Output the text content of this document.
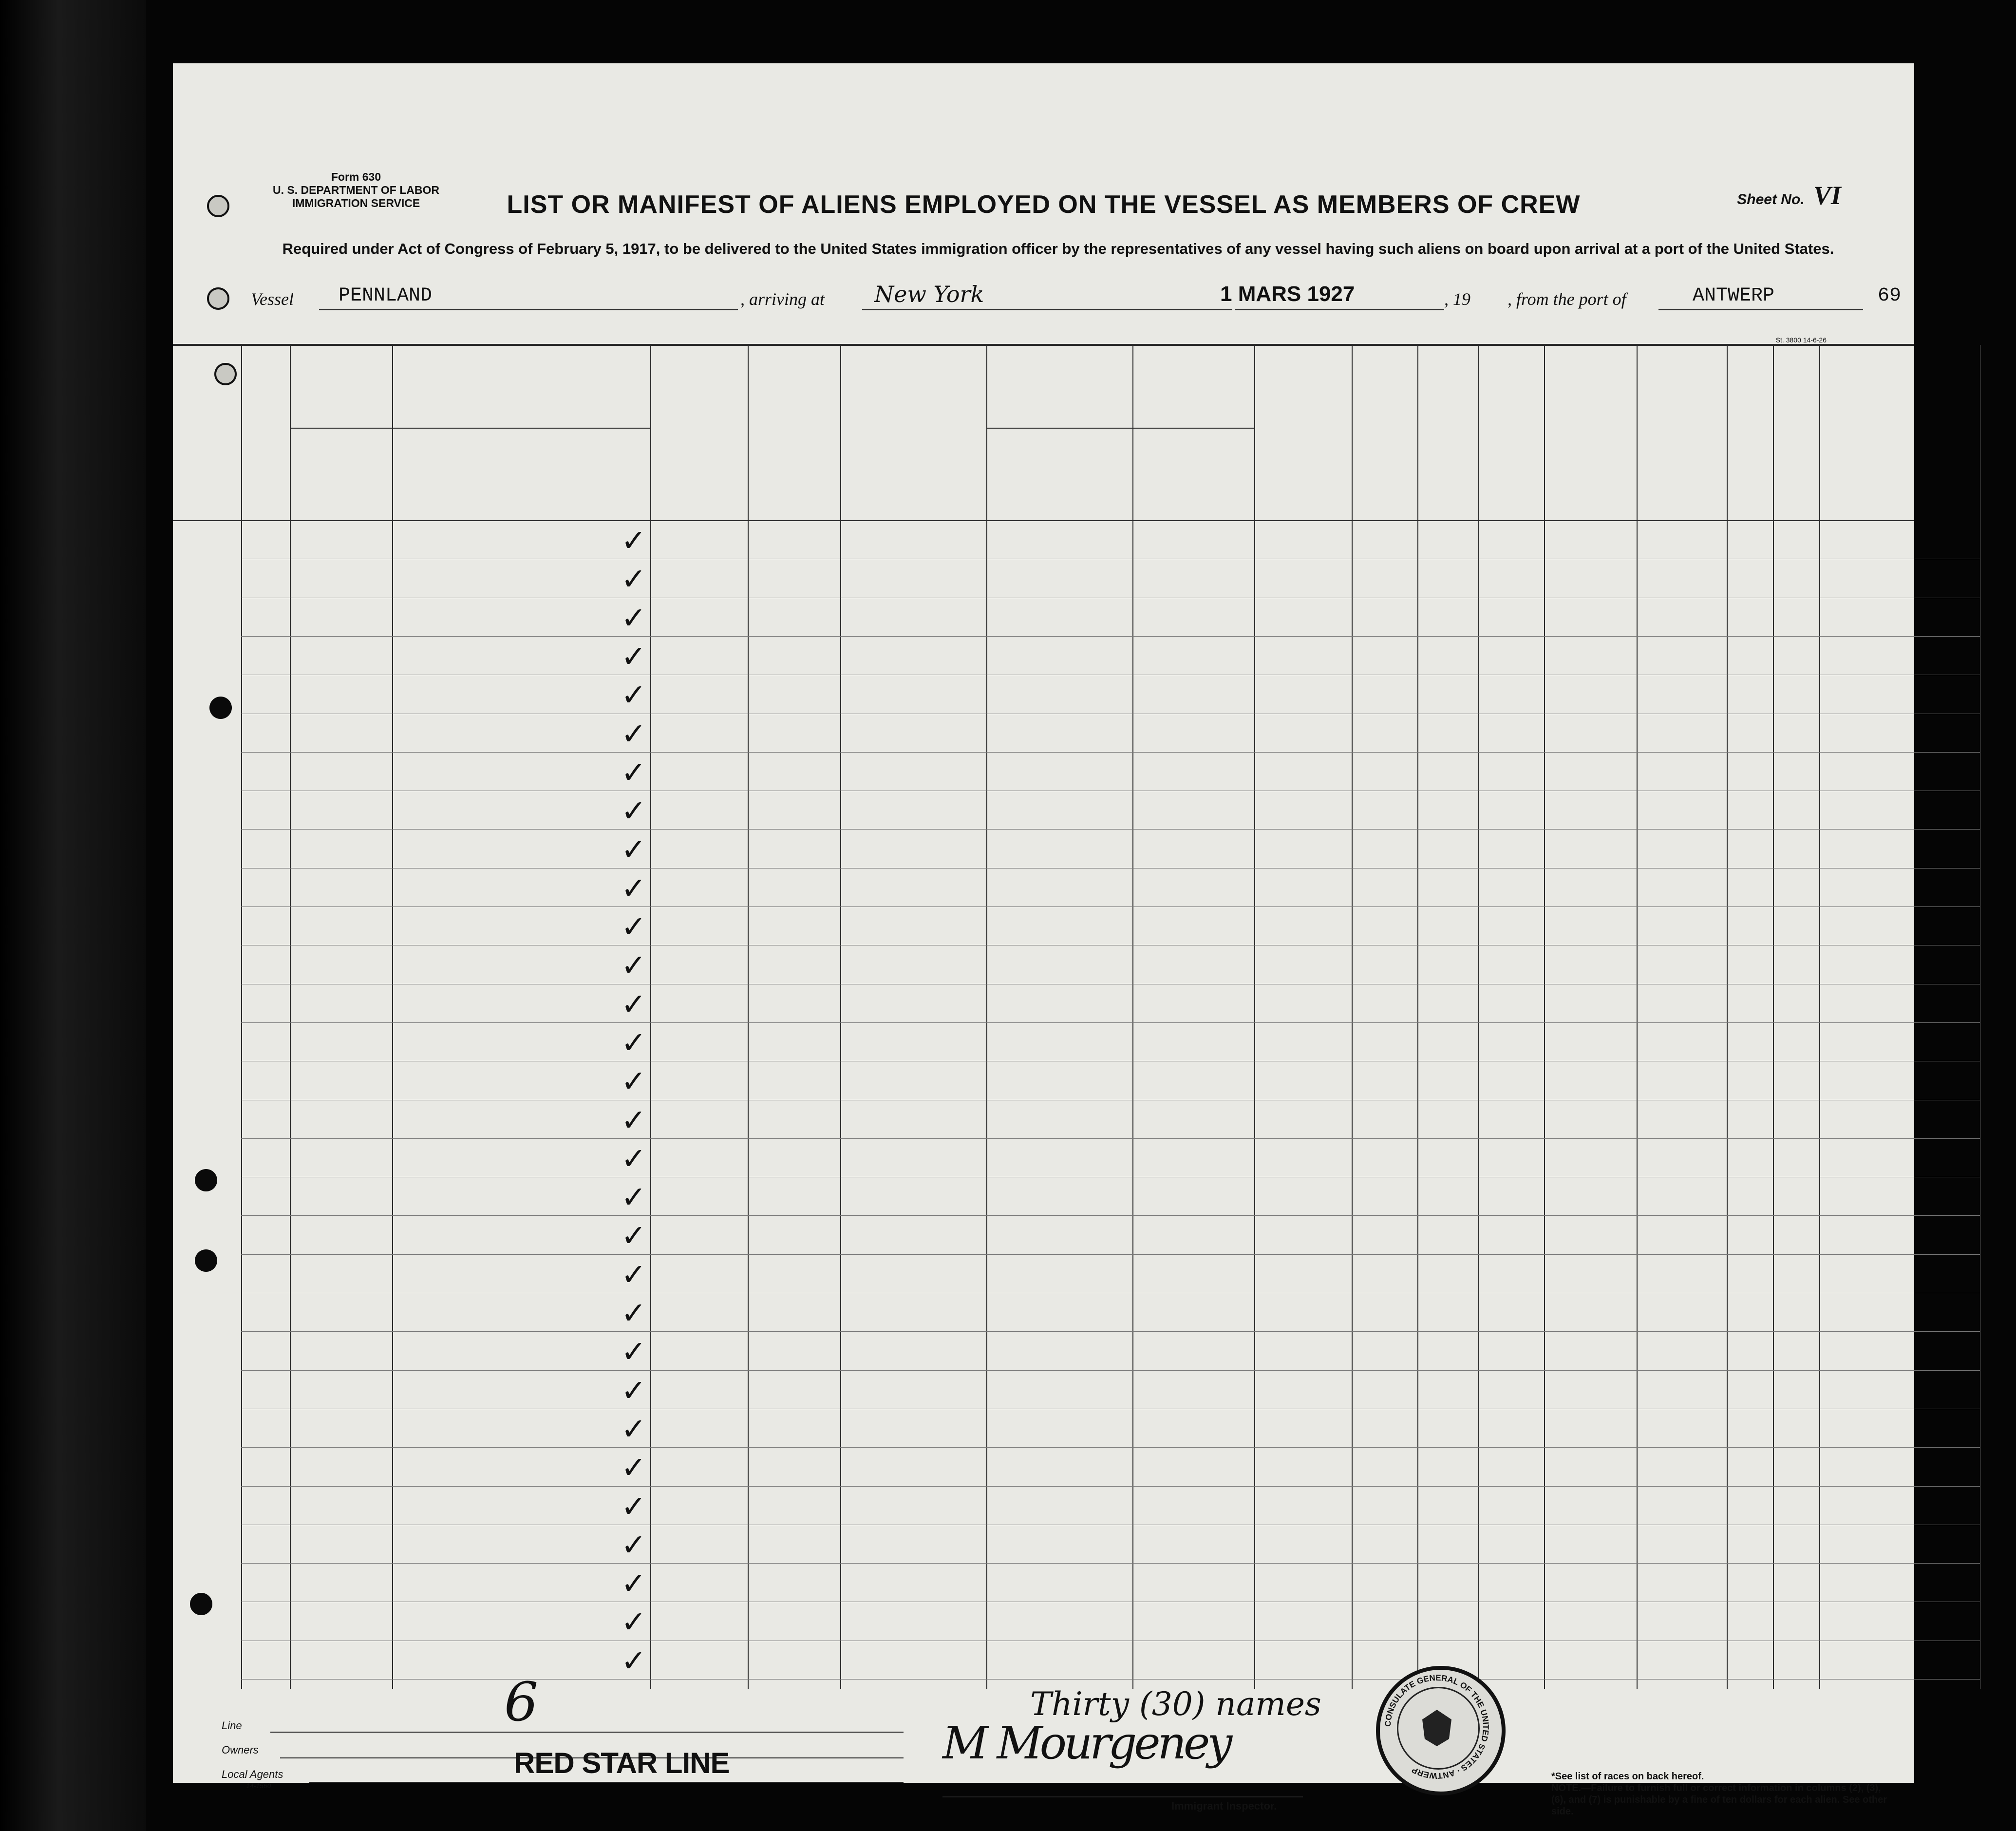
Form 630
U. S. DEPARTMENT OF LABOR
IMMIGRATION SERVICE	Sheet No. VI
LIST OR MANIFEST OF ALIENS EMPLOYED ON THE VESSEL AS MEMBERS OF CREW
Required under Act of Congress of February 5, 1917, to be delivered to the United States immigration officer by the representatives of any vessel having such aliens on board upon arrival at a port of the United States.
Vessel PENNLAND	, arriving at New York	1 MARS 1927	, 19 , from the port of	ANTWERP	69
St. 3800 14-6-26
✓
✓
✓
✓
✓
✓
✓
✓
✓
✓
✓
✓
✓
✓
✓
✓
✓
✓
✓
✓
✓
✓
✓
✓
✓
✓
✓
✓
✓
✓
6	Thirty (30) names
Line
Owners
Local Agents
14-1560
RED STAR LINE	M Mourgeney
Immigrant Inspector.
CONSULATE GENERAL OF THE UNITED STATES · ANTWERP
*See list of races on back hereof.
NOTE.—Failure to furnish full or correct information in columns (2), (3), (6), and (7) is punishable by a fine of ten dollars for each alien. See other side.
